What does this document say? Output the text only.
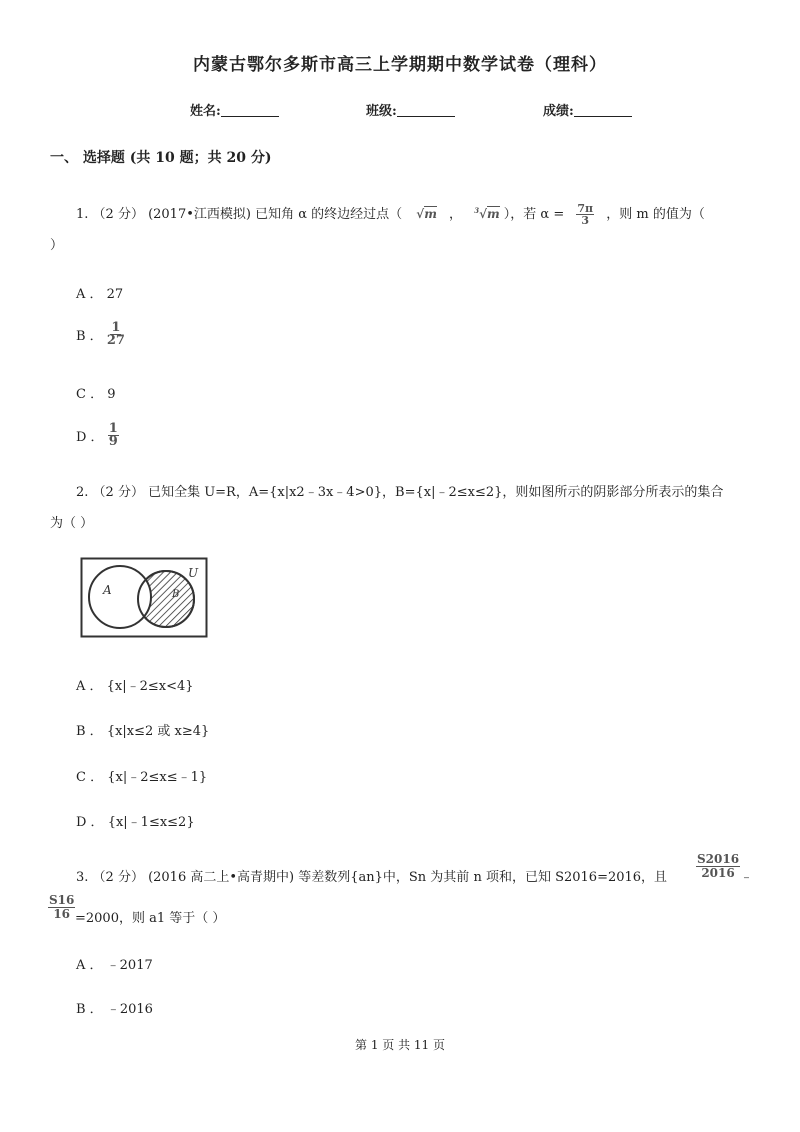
内蒙古鄂尔多斯市高三上学期期中数学试卷（理科）
姓名:	班级:	成绩:
一、 选择题 (共 10 题；共 20 分)
1. （2 分） (2017•江西模拟) 已知角 α 的终边经过点（ √m ， $^3$√m ），若 $\alpha = \frac{7\pi}{3}$ ，则 m 的值为（
）
A ． 27
B ． $\frac{1}{27}$
C ． 9
D ． $\frac{1}{9}$
2. （2 分） 已知全集 U=R，A={x|x2﹣3x﹣4>0}，B={x|﹣2≤x≤2}，则如图所示的阴影部分所表示的集合
为（ ）
A	B
U
A ． {x|﹣2≤x<4}
B ． {x|x≤2 或 x≥4}
C ． {x|﹣2≤x≤﹣1}
D ． {x|﹣1≤x≤2}
3. （2 分） (2016 高二上•高青期中) 等差数列{an}中，Sn 为其前 n 项和，已知 S2016=2016，且 $\frac{S2016}{2016}$ ﹣
$\frac{S16}{16} =2000$，则 a1 等于（ ）
A ． ﹣2017
B ． ﹣2016
第 1 页 共 11 页
